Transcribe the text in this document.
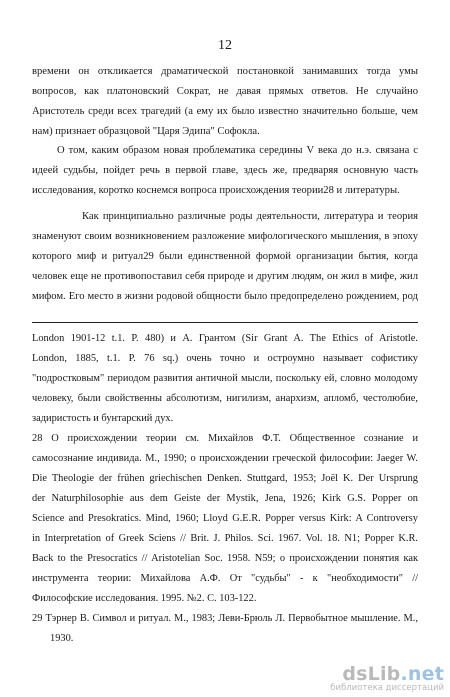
12
времени он откликается драматической постановкой занимавших тогда умы
вопросов, как платоновский Сократ, не давая прямых ответов. Не случайно
Аристотель среди всех трагедий (а ему их было известно значительно больше, чем
нам) признает образцовой "Царя Эдипа" Софокла.
О том, каким образом новая проблематика середины V века до н.э. связана с
идеей судьбы, пойдет речь в первой главе, здесь же, предваряя основную часть
исследования, коротко коснемся вопроса происхождения теории28 и литературы.
Как принципиально различные роды деятельности, литература и теория
знаменуют своим возникновением разложение мифологического мышления, в эпоху
которого миф и ритуал29 были единственной формой организации бытия, когда
человек еще не противопоставил себя природе и другим людям, он жил в мифе, жил
мифом. Его место в жизни родовой общности было предопределено рождением, род
London 1901-12 t.1. P. 480) и А. Грантом (Sir Grant A. The Ethics of Aristotle.
London, 1885, t.1. P. 76 sq.) очень точно и остроумно называет софистику
"подростковым" периодом развития античной мысли, поскольку ей, словно молодому
человеку, были свойственны абсолютизм, нигилизм, анархизм, апломб, честолюбие,
задиристость и бунтарский дух.
28 О происхождении теории см. Михайлов Ф.Т. Общественное сознание и
самосознание индивида. М., 1990; о происхождении греческой философии: Jaeger W.
Die Theologie der frühen griechischen Denken. Stuttgard, 1953; Joёl K. Der Ursprung
der Naturphilosophie aus dem Geiste der Mystik, Jena, 1926; Kirk G.S. Popper on
Science and Presokratics. Mind, 1960; Lloyd G.E.R. Popper versus Kirk: A Controversy
in Interpretation of Greek Sciens // Brit. J. Philos. Sci. 1967. Vol. 18. N1; Popper K.R.
Back to the Presocratics // Aristotelian Soc. 1958. N59; о происхождении понятия как
инструмента теории: Михайлова А.Ф. От "судьбы" - к "необходимости" //
Философские исследования. 1995. №2. С. 103-122.
29 Тэрнер В. Символ и ритуал. М., 1983; Леви-Брюль Л. Первобытное мышление. М.,
1930.
dsLib.net
библиотека диссертаций
